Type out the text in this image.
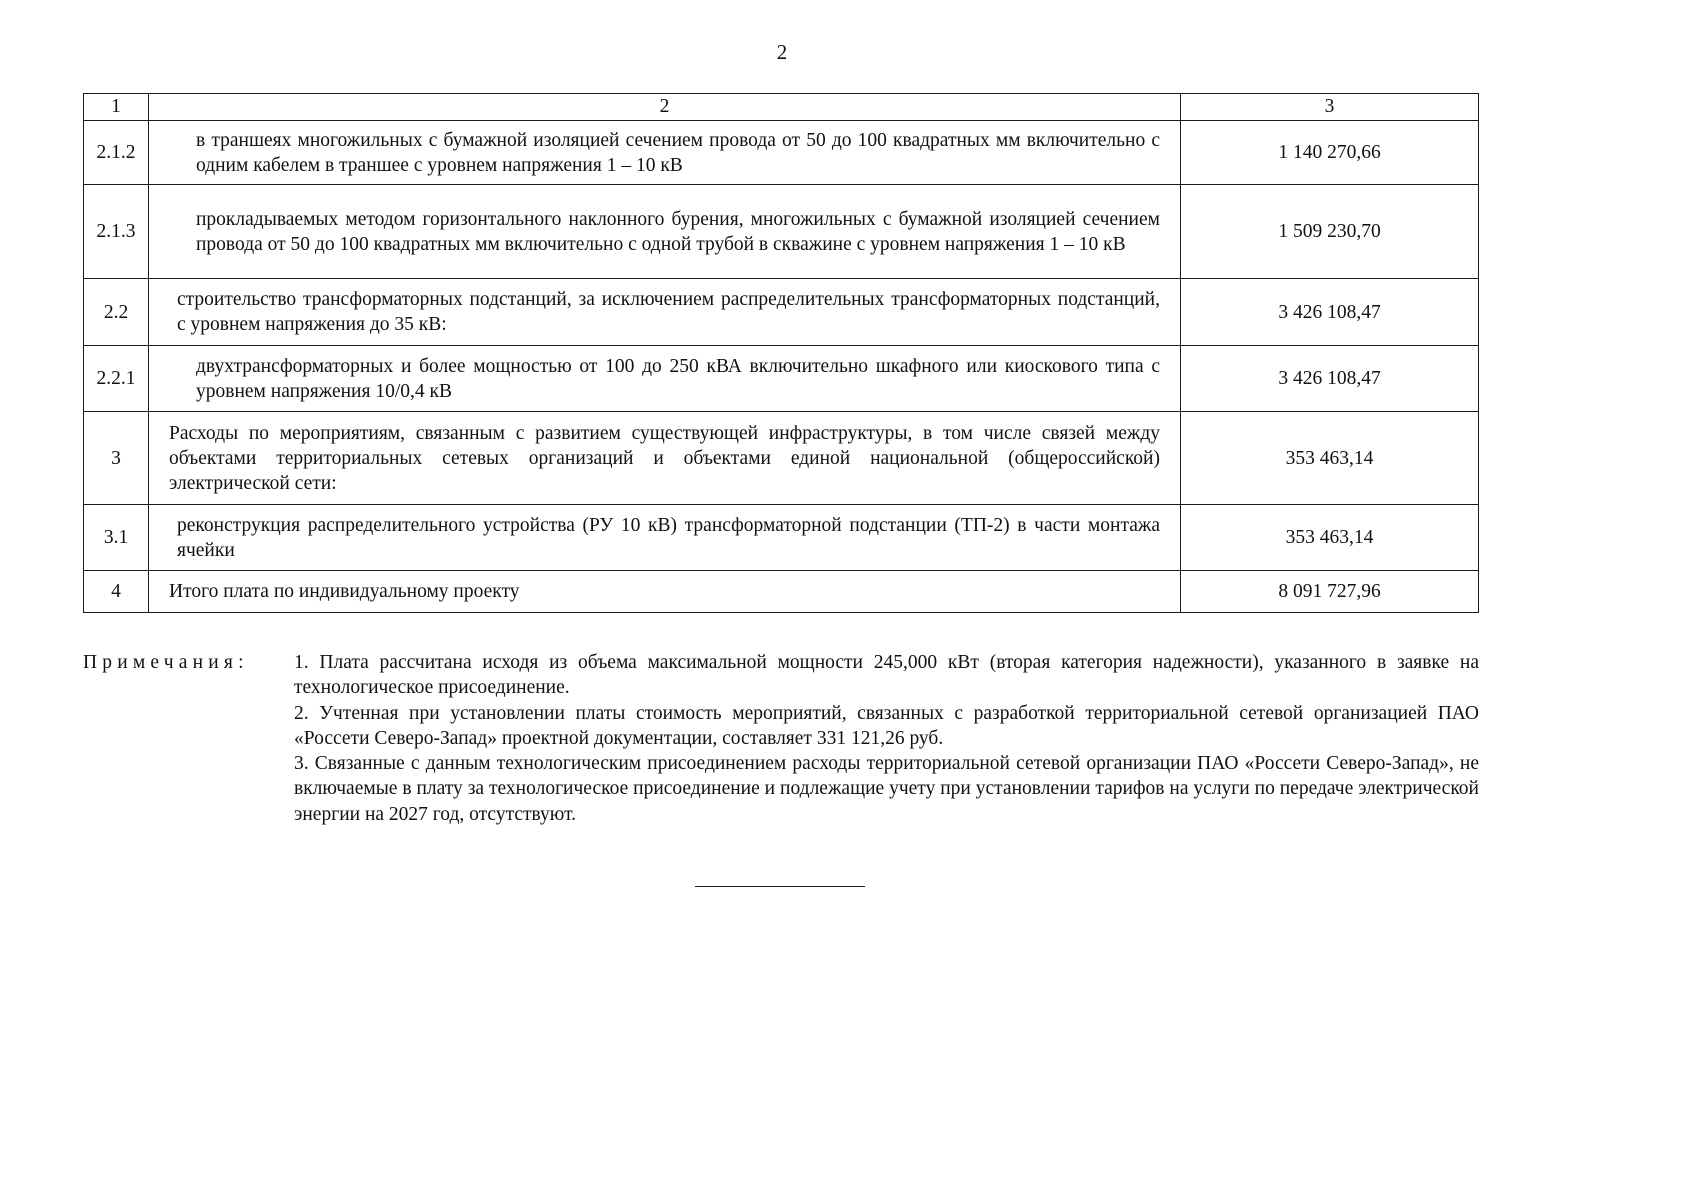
2
1	2	3
2.1.2	в траншеях многожильных с бумажной изоляцией сечением провода от 50 до 100 квадратных мм включительно с одним кабелем в траншее с уровнем напряжения 1 – 10 кВ	1 140 270,66
2.1.3	прокладываемых методом горизонтального наклонного бурения, многожильных с бумажной изоляцией сечением провода от 50 до 100 квадратных мм включительно с одной трубой в скважине с уровнем напряжения 1 – 10 кВ	1 509 230,70
2.2	строительство трансформаторных подстанций, за исключением распределительных трансформаторных подстанций, с уровнем напряжения до 35 кВ:	3 426 108,47
2.2.1	двухтрансформаторных и более мощностью от 100 до 250 кВА включительно шкафного или киоскового типа с уровнем напряжения 10/0,4 кВ	3 426 108,47
3	Расходы по мероприятиям, связанным с развитием существующей инфраструктуры, в том числе связей между объектами территориальных сетевых организаций и объектами единой национальной (общероссийской) электрической сети:	353 463,14
3.1	реконструкция распределительного устройства (РУ 10 кВ) трансформаторной подстанции (ТП-2) в части монтажа ячейки	353 463,14
4	Итого плата по индивидуальному проекту	8 091 727,96
Примечания: 1. Плата рассчитана исходя из объема максимальной мощности 245,000 кВт (вторая категория надежности), указанного в заявке на технологическое присоединение.
2. Учтенная при установлении платы стоимость мероприятий, связанных с разработкой территориальной сетевой организацией ПАО «Россети Северо-Запад» проектной документации, составляет 331 121,26 руб.
3. Связанные с данным технологическим присоединением расходы территориальной сетевой организации ПАО «Россети Северо-Запад», не включаемые в плату за технологическое присоединение и подлежащие учету при установлении тарифов на услуги по передаче электрической энергии на 2027 год, отсутствуют.
